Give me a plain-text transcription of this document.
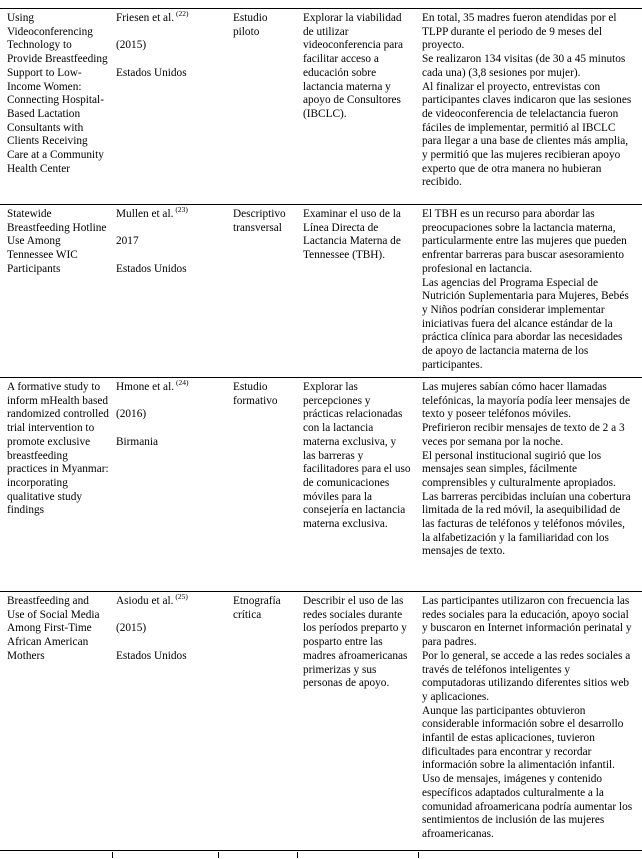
Using Videoconferencing Technology to Provide Breastfeeding Support to Low-Income Women: Connecting Hospital-Based Lactation Consultants with Clients Receiving Care at a Community Health Center
Friesen et al. $^{(22)}$
(2015)
Estados Unidos
Estudio piloto
Explorar la viabilidad de utilizar videoconferencia para facilitar acceso a educación sobre lactancia materna y apoyo de Consultores (IBCLC).
En total, 35 madres fueron atendidas por el TLPP durante el periodo de 9 meses del proyecto.
Se realizaron 134 visitas (de 30 a 45 minutos cada una) (3,8 sesiones por mujer).
Al finalizar el proyecto, entrevistas con participantes claves indicaron que las sesiones de videoconferencia de telelactancia fueron fáciles de implementar, permitió al IBCLC para llegar a una base de clientes más amplia, y permitió que las mujeres recibieran apoyo experto que de otra manera no hubieran recibido.
Statewide Breastfeeding Hotline Use Among Tennessee WIC Participants
Mullen et al. $^{(23)}$
2017
Estados Unidos
Descriptivo transversal
Examinar el uso de la Línea Directa de Lactancia Materna de Tennessee (TBH).
El TBH es un recurso para abordar las preocupaciones sobre la lactancia materna, particularmente entre las mujeres que pueden enfrentar barreras para buscar asesoramiento profesional en lactancia.
Las agencias del Programa Especial de Nutrición Suplementaria para Mujeres, Bebés y Niños podrían considerar implementar iniciativas fuera del alcance estándar de la práctica clínica para abordar las necesidades de apoyo de lactancia materna de los participantes.
A formative study to inform mHealth based randomized controlled trial intervention to promote exclusive breastfeeding practices in Myanmar: incorporating qualitative study findings
Hmone et al. $^{(24)}$
(2016)
Birmania
Estudio formativo
Explorar las percepciones y prácticas relacionadas con la lactancia materna exclusiva, y las barreras y facilitadores para el uso de comunicaciones móviles para la consejería en lactancia materna exclusiva.
Las mujeres sabían cómo hacer llamadas telefónicas, la mayoría podía leer mensajes de texto y poseer teléfonos móviles.
Prefirieron recibir mensajes de texto de 2 a 3 veces por semana por la noche.
El personal institucional sugirió que los mensajes sean simples, fácilmente comprensibles y culturalmente apropiados.
Las barreras percibidas incluían una cobertura limitada de la red móvil, la asequibilidad de las facturas de teléfonos y teléfonos móviles, la alfabetización y la familiaridad con los mensajes de texto.
Breastfeeding and Use of Social Media Among First-Time African American Mothers
Asiodu et al. $^{(25)}$
(2015)
Estados Unidos
Etnografía crítica
Describir el uso de las redes sociales durante los períodos preparto y posparto entre las madres afroamericanas primerizas y sus personas de apoyo.
Las participantes utilizaron con frecuencia las redes sociales para la educación, apoyo social y buscaron en Internet información perinatal y para padres.
Por lo general, se accede a las redes sociales a través de teléfonos inteligentes y computadoras utilizando diferentes sitios web y aplicaciones.
Aunque las participantes obtuvieron considerable información sobre el desarrollo infantil de estas aplicaciones, tuvieron dificultades para encontrar y recordar información sobre la alimentación infantil.
Uso de mensajes, imágenes y contenido específicos adaptados culturalmente a la comunidad afroamericana podría aumentar los sentimientos de inclusión de las mujeres afroamericanas.
